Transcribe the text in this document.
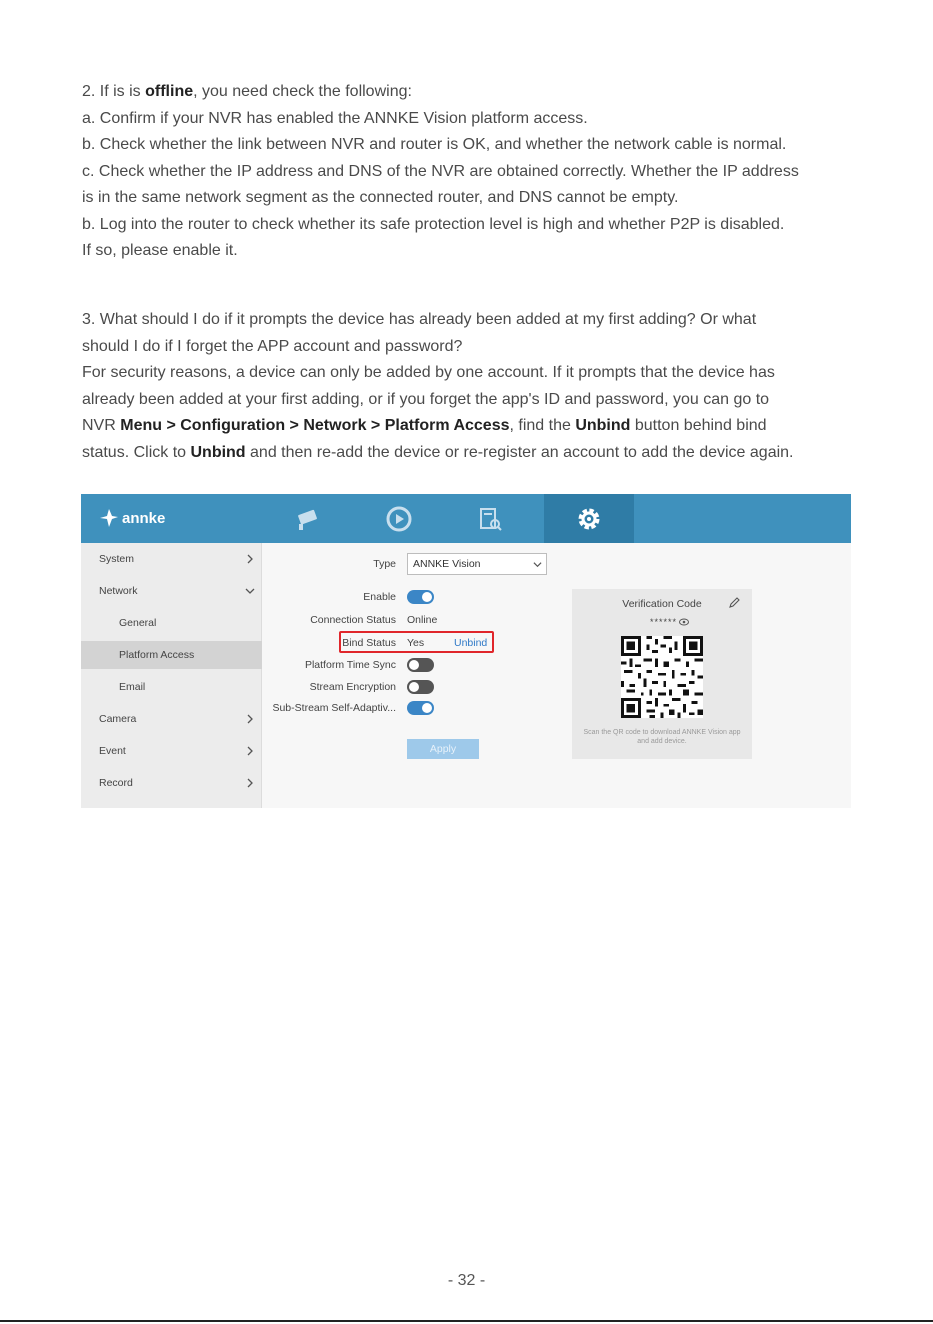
2. If is is offline, you need check the following:

a. Confirm if your NVR has enabled the ANNKE Vision platform access.

b. Check whether the link between NVR and router is OK, and whether the network cable is normal.

c. Check whether the IP address and DNS of the NVR are obtained correctly. Whether the IP address

is in the same network segment as the connected router, and DNS cannot be empty.

b. Log into the router to check whether its safe protection level is high and whether P2P is disabled.

If so, please enable it.

3. What should I do if it prompts the device has already been added at my first adding? Or what

should I do if I forget the APP account and password?

For security reasons, a device can only be added by one account. If it prompts that the device has

already been added at your first adding, or if you forget the app's ID and password, you can go to

NVR Menu > Configuration > Network > Platform Access, find the Unbind button behind bind

status. Click to Unbind and then re-add the device or re-register an account to add the device again.

annke
System
Network
General
Platform Access
Email
Camera
Event
Record
Type ANNKE Vision
Enable
Connection Status Online
Bind Status Yes	Unbind
Platform Time Sync
Stream Encryption
Sub-Stream Self-Adaptiv...
Apply
Verification Code
******
Scan the QR code to download ANNKE Vision app
and add device.
- 32 -
